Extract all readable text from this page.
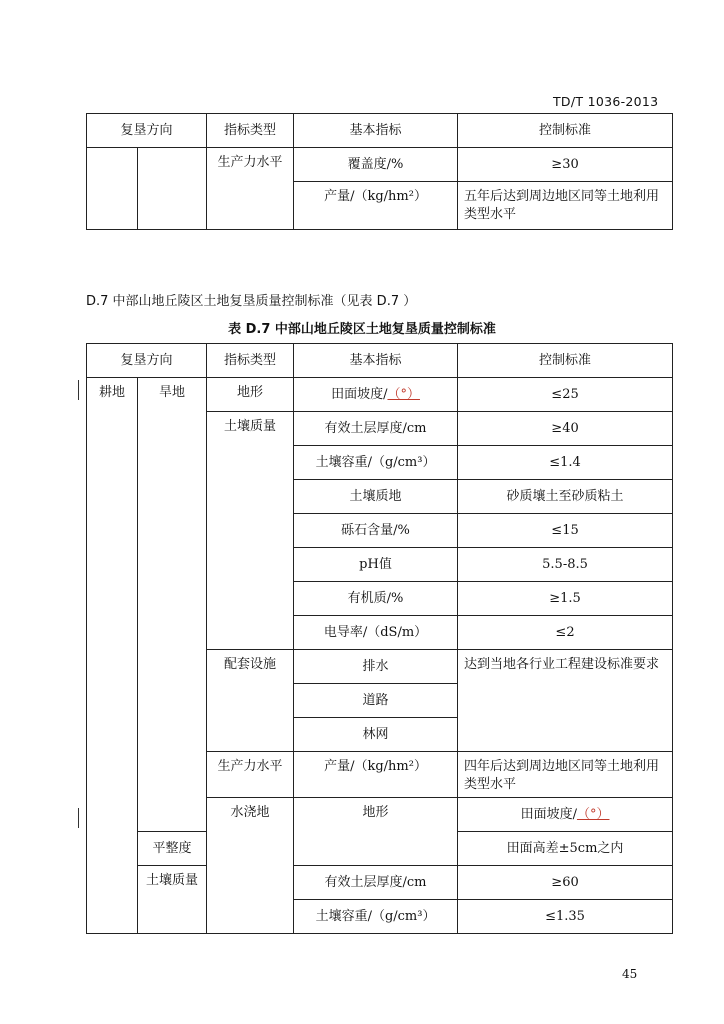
TD/T 1036-2013
复垦方向		指标类型	基本指标	控制标准
		生产力水平	覆盖度/%	≥30
			产量/（kg/hm²）	五年后达到周边地区同等土地利用类型水平
D.7 中部山地丘陵区土地复垦质量控制标准（见表 D.7 ）
表 D.7 中部山地丘陵区土地复垦质量控制标准
复垦方向		指标类型	基本指标	控制标准	
耕地	旱地	地形	田面坡度/（°）	≤25	
		土壤质量	有效土层厚度/cm	≥40	
			土壤容重/（g/cm³）	≤1.4	
			土壤质地	砂质壤土至砂质粘土	
			砾石含量/%	≤15	
			pH值	5.5-8.5	
			有机质/%	≥1.5	
			电导率/（dS/m）	≤2	
		配套设施	排水	达到当地各行业工程建设标准要求	
			道路		
			林网		
		生产力水平	产量/（kg/hm²）	四年后达到周边地区同等土地利用类型水平	
		水浇地	地形	田面坡度/（°）	
	平整度			田面高差±5cm之内	
	土壤质量		有效土层厚度/cm	≥60	
			土壤容重/（g/cm³）	≤1.35	
45
